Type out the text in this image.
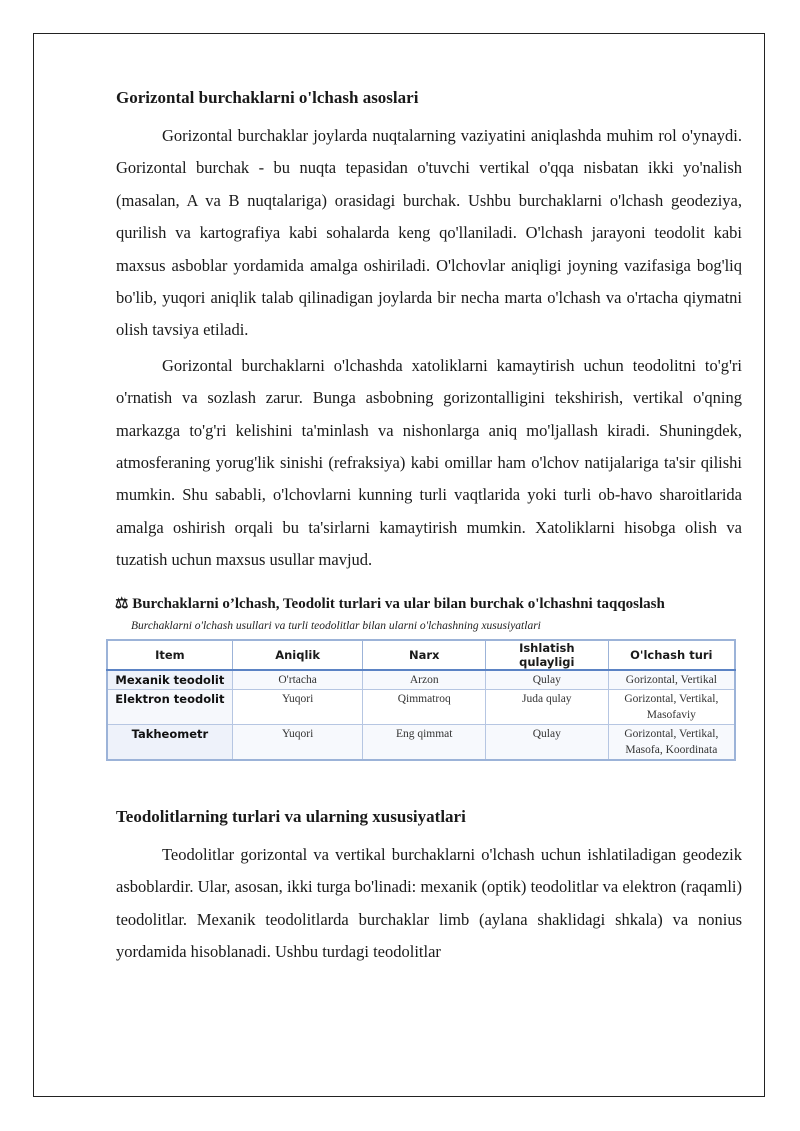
Gorizontal burchaklarni o'lchash asoslari

Gorizontal burchaklar joylarda nuqtalarning vaziyatini aniqlashda muhim rol o'ynaydi. Gorizontal burchak - bu nuqta tepasidan o'tuvchi vertikal o'qqa nisbatan ikki yo'nalish (masalan, A va B nuqtalariga) orasidagi burchak. Ushbu burchaklarni o'lchash geodeziya, qurilish va kartografiya kabi sohalarda keng qo'llaniladi. O'lchash jarayoni teodolit kabi maxsus asboblar yordamida amalga oshiriladi. O'lchovlar aniqligi joyning vazifasiga bog'liq bo'lib, yuqori aniqlik talab qilinadigan joylarda bir necha marta o'lchash va o'rtacha qiymatni olish tavsiya etiladi.

Gorizontal burchaklarni o'lchashda xatoliklarni kamaytirish uchun teodolitni to'g'ri o'rnatish va sozlash zarur. Bunga asbobning gorizontalligini tekshirish, vertikal o'qning markazga to'g'ri kelishini ta'minlash va nishonlarga aniq mo'ljallash kiradi. Shuningdek, atmosferaning yorug'lik sinishi (refraksiya) kabi omillar ham o'lchov natijalariga ta'sir qilishi mumkin. Shu sababli, o'lchovlarni kunning turli vaqtlarida yoki turli ob-havo sharoitlarida amalga oshirish orqali bu ta'sirlarni kamaytirish mumkin. Xatoliklarni hisobga olish va tuzatish uchun maxsus usullar mavjud.

⚖ Burchaklarni o’lchash, Teodolit turlari va ular bilan burchak o'lchashni taqqoslash
Burchaklarni o'lchash usullari va turli teodolitlar bilan ularni o'lchashning xususiyatlari
Item	Aniqlik	Narx	Ishlatish qulayligi	O'lchash turi
Mexanik teodolit	O'rtacha	Arzon	Qulay	Gorizontal, Vertikal
Elektron teodolit	Yuqori	Qimmatroq	Juda qulay	Gorizontal, Vertikal, Masofaviy
Takheometr	Yuqori	Eng qimmat	Qulay	Gorizontal, Vertikal, Masofa, Koordinata
Teodolitlarning turlari va ularning xususiyatlari

Teodolitlar gorizontal va vertikal burchaklarni o'lchash uchun ishlatiladigan geodezik asboblardir. Ular, asosan, ikki turga bo'linadi: mexanik (optik) teodolitlar va elektron (raqamli) teodolitlar. Mexanik teodolitlarda burchaklar limb (aylana shaklidagi shkala) va nonius yordamida hisoblanadi. Ushbu turdagi teodolitlar
